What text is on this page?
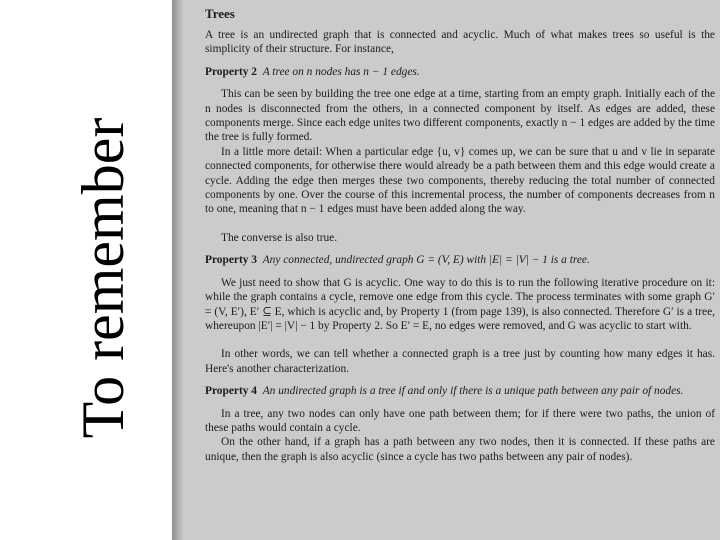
To remember
Trees

A tree is an undirected graph that is connected and acyclic. Much of what makes trees so useful is the simplicity of their structure. For instance,

Property 2 A tree on n nodes has n − 1 edges.

This can be seen by building the tree one edge at a time, starting from an empty graph. Initially each of the n nodes is disconnected from the others, in a connected component by itself. As edges are added, these components merge. Since each edge unites two different components, exactly n − 1 edges are added by the time the tree is fully formed.

In a little more detail: When a particular edge {u, v} comes up, we can be sure that u and v lie in separate connected components, for otherwise there would already be a path between them and this edge would create a cycle. Adding the edge then merges these two components, thereby reducing the total number of connected components by one. Over the course of this incremental process, the number of components decreases from n to one, meaning that n − 1 edges must have been added along the way.

The converse is also true.

Property 3 Any connected, undirected graph G = (V, E) with |E| = |V| − 1 is a tree.

We just need to show that G is acyclic. One way to do this is to run the following iterative procedure on it: while the graph contains a cycle, remove one edge from this cycle. The process terminates with some graph G′ = (V, E′), E′ ⊆ E, which is acyclic and, by Property 1 (from page 139), is also connected. Therefore G′ is a tree, whereupon |E′| = |V| − 1 by Property 2. So E′ = E, no edges were removed, and G was acyclic to start with.

In other words, we can tell whether a connected graph is a tree just by counting how many edges it has. Here's another characterization.

Property 4 An undirected graph is a tree if and only if there is a unique path between any pair of nodes.

In a tree, any two nodes can only have one path between them; for if there were two paths, the union of these paths would contain a cycle.

On the other hand, if a graph has a path between any two nodes, then it is connected. If these paths are unique, then the graph is also acyclic (since a cycle has two paths between any pair of nodes).
